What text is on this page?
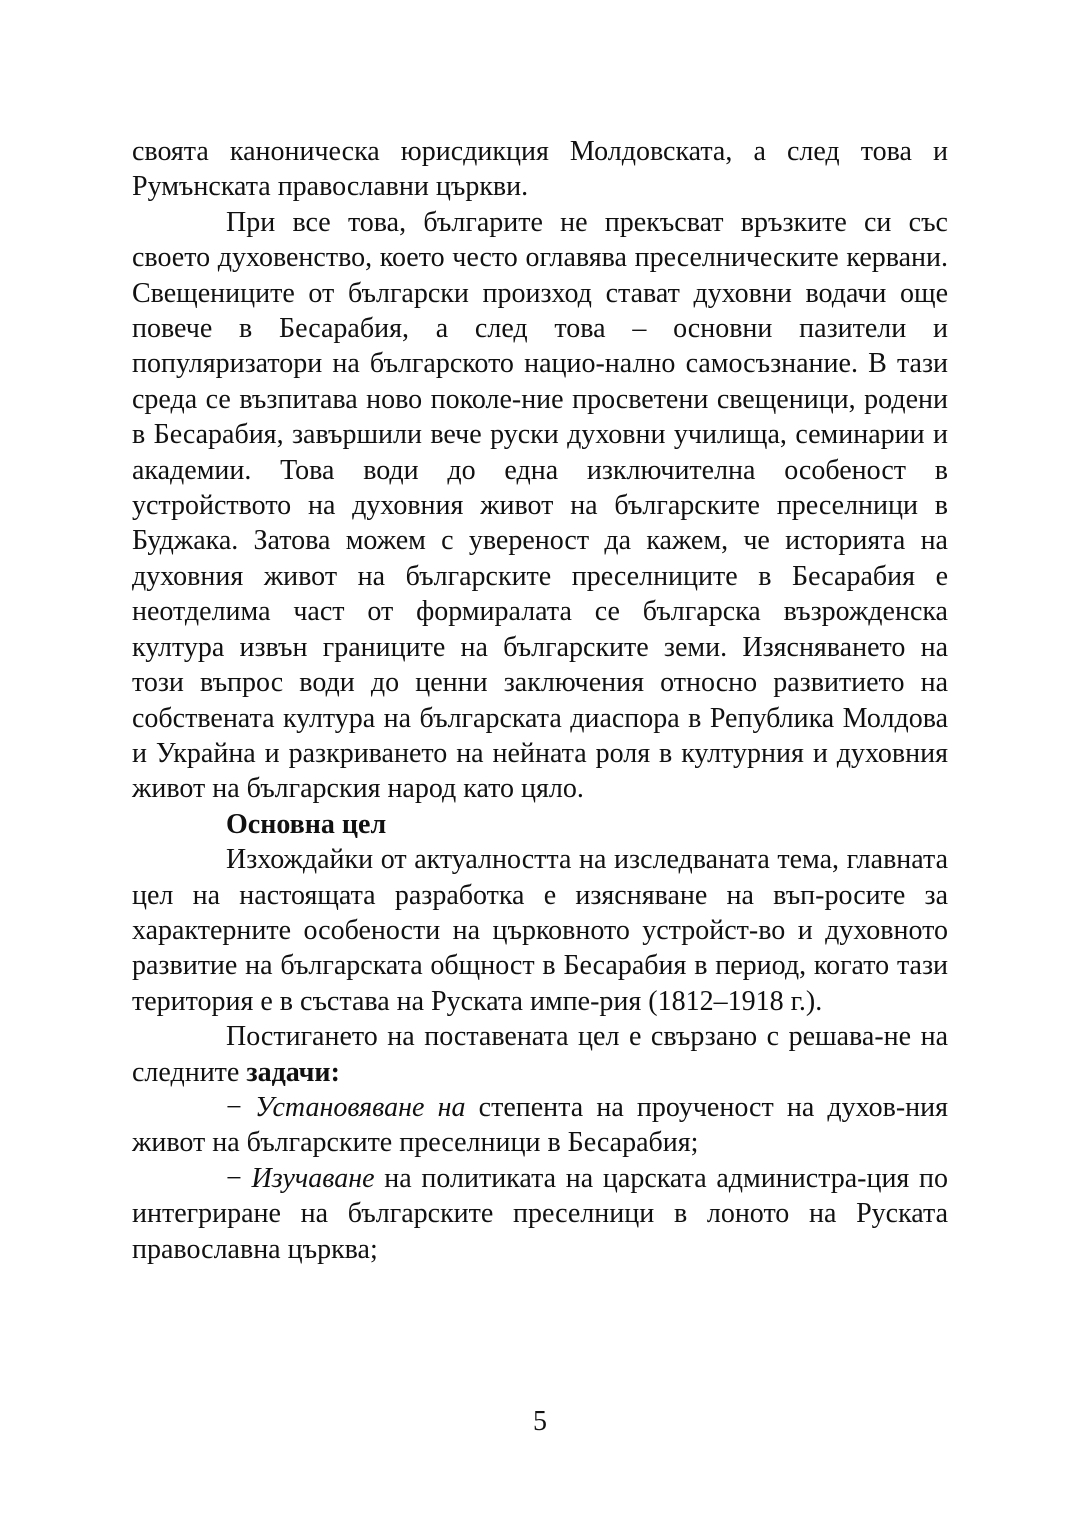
своята каноническа юрисдикция Молдовската, а след това и Румънската православни църкви.

При все това, българите не прекъсват връзките си със своето духовенство, което често оглавява преселническите кервани. Свещениците от български произход стават духовни водачи още повече в Бесарабия, а след това – основни пазители и популяризатори на българското нацио-нално самосъзнание. В тази среда се възпитава ново поколе-ние просветени свещеници, родени в Бесарабия, завършили вече руски духовни училища, семинарии и академии. Това води до една изключителна особеност в устройството на духовния живот на българските преселници в Буджака. Затова можем с увереност да кажем, че историята на духовния живот на българските преселниците в Бесарабия е неотделима част от формиралата се българска възрожденска култура извън границите на българските земи. Изясняването на този въпрос води до ценни заключения относно развитието на собствената култура на българската диаспора в Република Молдова и Украйна и разкриването на нейната роля в културния и духовния живот на българския народ като цяло.

Основна цел

Изхождайки от актуалността на изследваната тема, главната цел на настоящата разработка е изясняване на въп-росите за характерните особености на църковното устройст-во и духовното развитие на българската общност в Бесарабия в период, когато тази територия е в състава на Руската импе-рия (1812–1918 г.).

Постигането на поставената цел е свързано с решава-не на следните задачи:

− Установяване на степента на проученост на духов-ния живот на българските преселници в Бесарабия;

− Изучаване на политиката на царската администра-ция по интегриране на българските преселници в лоното на Руската православна църква;

5
